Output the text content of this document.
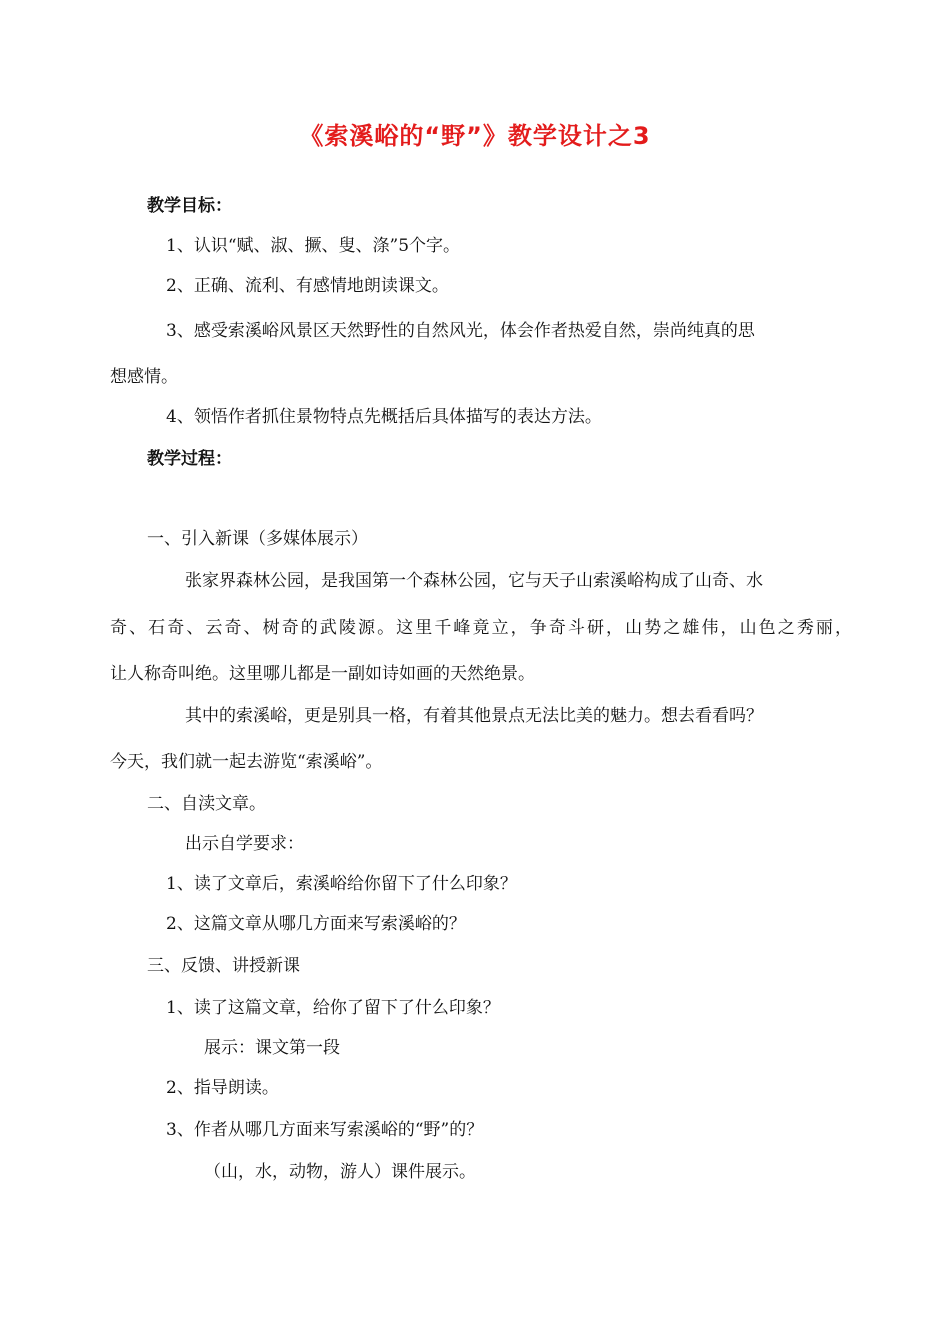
《索溪峪的“野”》教学设计之3
教学目标：
1、认识“赋、淑、撅、叟、涤”5个字。
2、正确、流利、有感情地朗读课文。
3、感受索溪峪风景区天然野性的自然风光，体会作者热爱自然，崇尚纯真的思
想感情。
4、领悟作者抓住景物特点先概括后具体描写的表达方法。
教学过程：
一、引入新课（多媒体展示）
张家界森林公园，是我国第一个森林公园，它与天子山索溪峪构成了山奇、水
奇、石奇、云奇、树奇的武陵源。这里千峰竟立，争奇斗研，山势之雄伟，山色之秀丽，
让人称奇叫绝。这里哪儿都是一副如诗如画的天然绝景。
其中的索溪峪，更是别具一格，有着其他景点无法比美的魅力。想去看看吗？
今天，我们就一起去游览“索溪峪”。
二、自渎文章。
出示自学要求：
1、读了文章后，索溪峪给你留下了什么印象？
2、这篇文章从哪几方面来写索溪峪的？
三、反馈、讲授新课
1、读了这篇文章，给你了留下了什么印象？
展示：课文第一段
2、指导朗读。
3、作者从哪几方面来写索溪峪的“野”的？
（山，水，动物，游人）课件展示。
